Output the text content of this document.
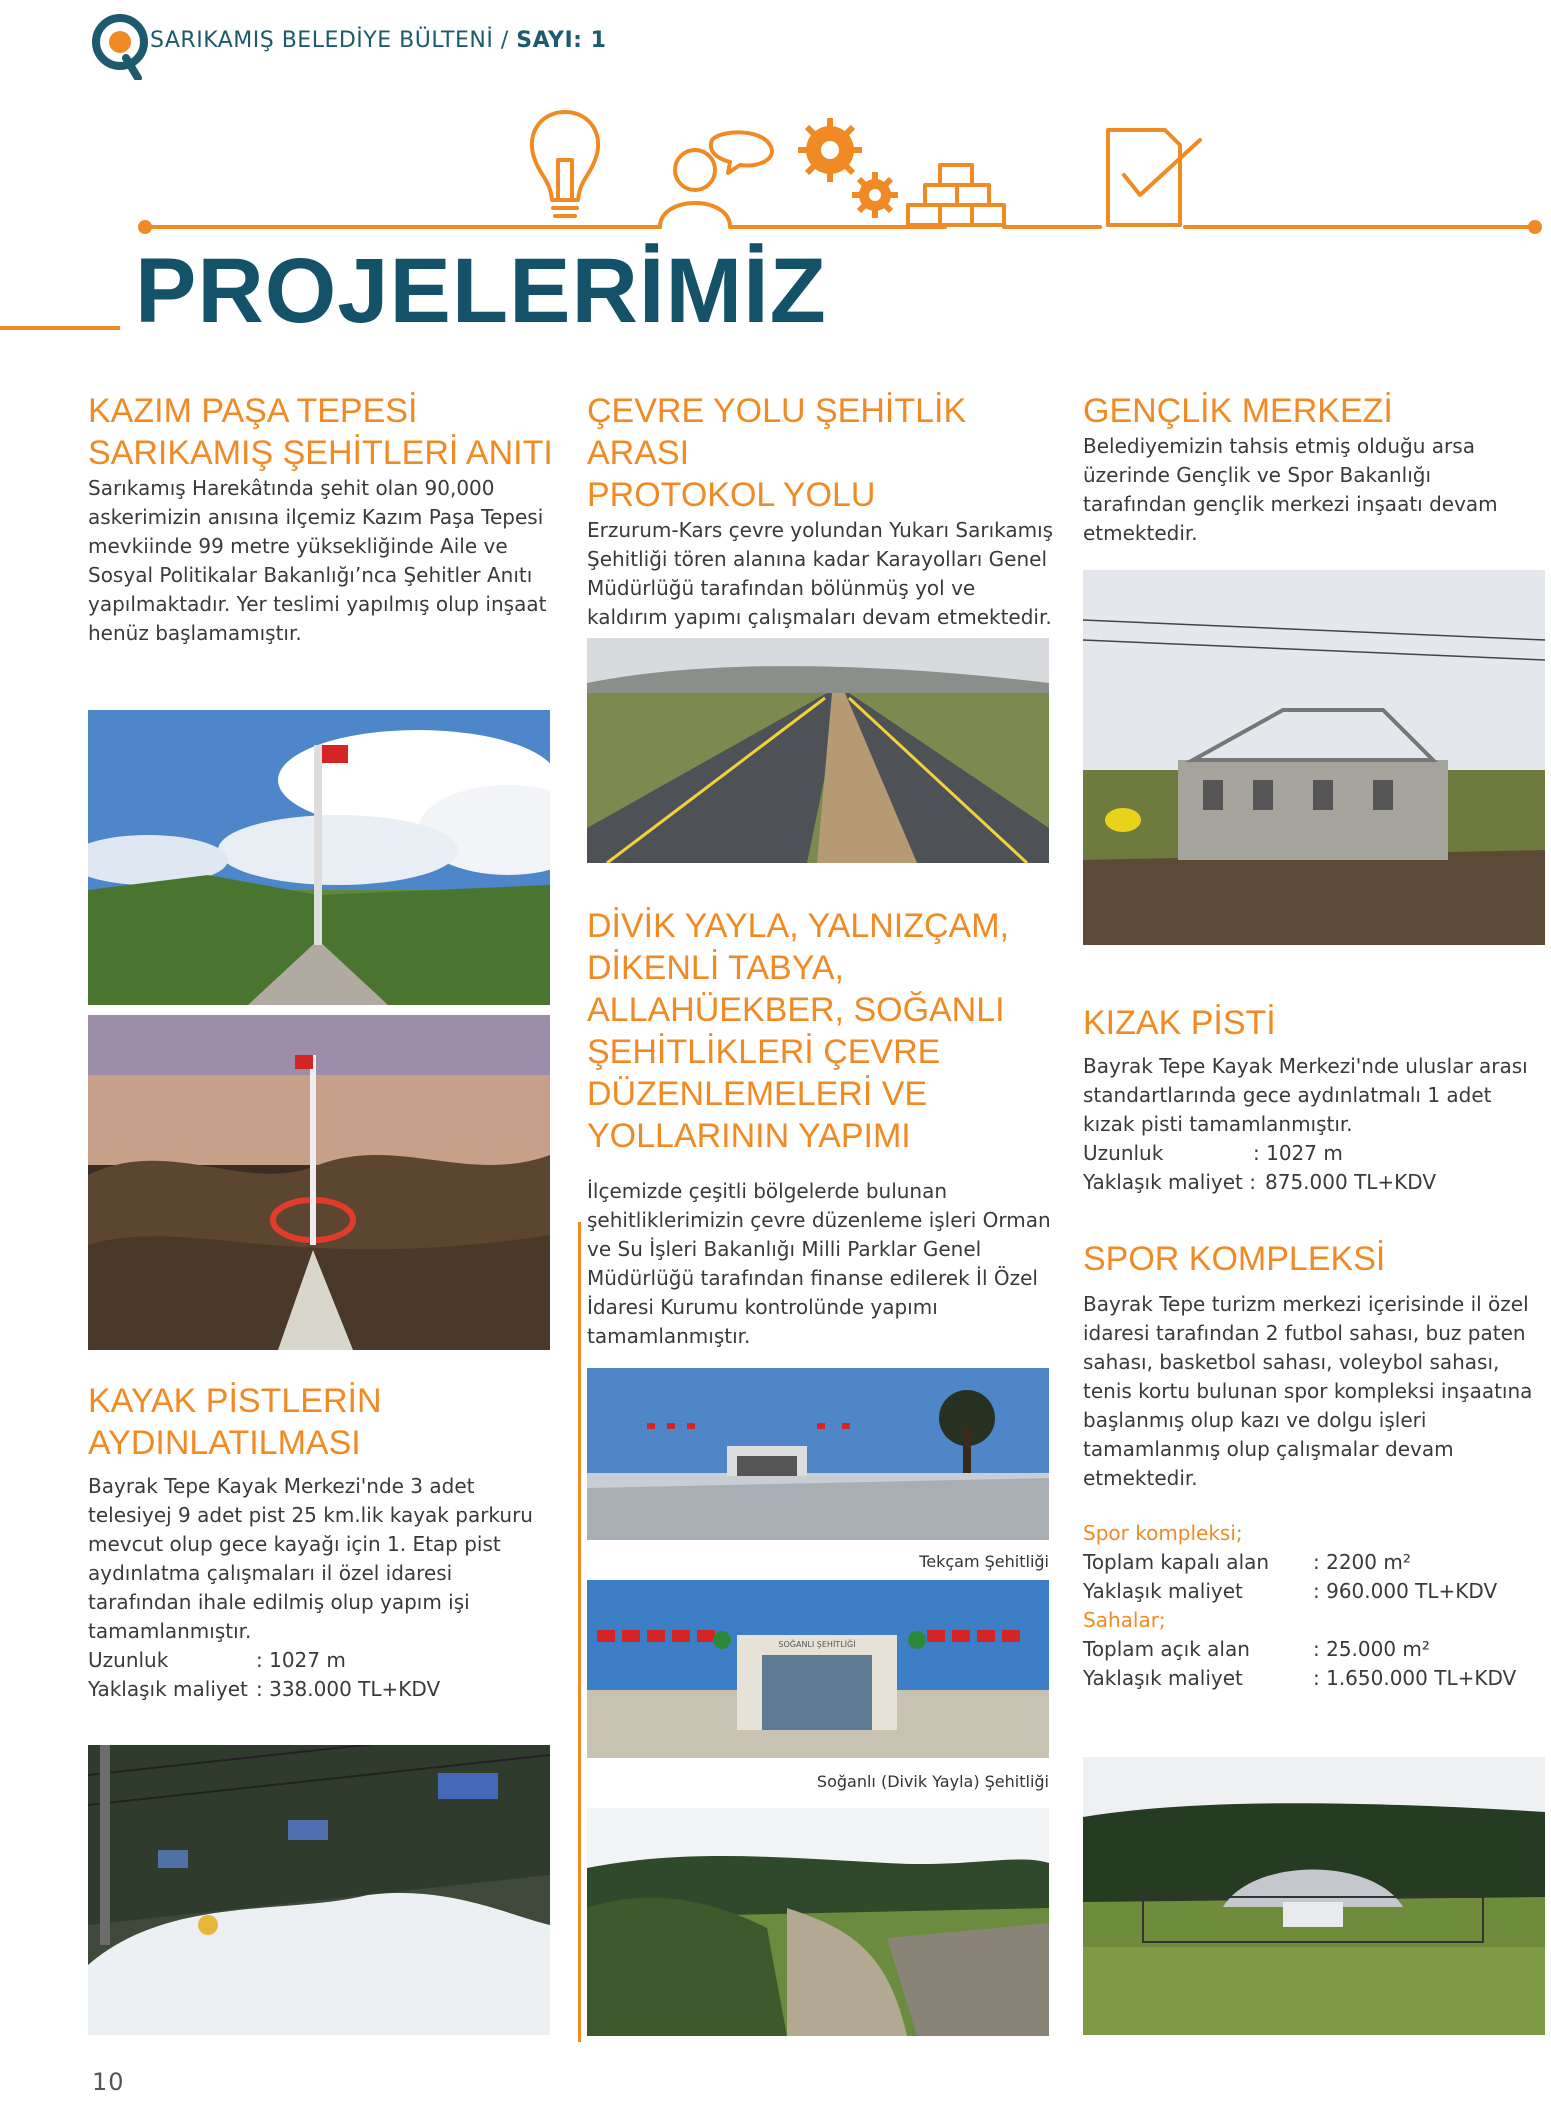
SARIKAMIŞ BELEDİYE BÜLTENİ / SAYI: 1
PROJELERİMİZ
KAZIM PAŞA TEPESİ
SARIKAMIŞ ŞEHİTLERİ ANITI

Sarıkamış Harekâtında şehit olan 90,000 askerimizin anısına ilçemiz Kazım Paşa Tepesi mevkiinde 99 metre yüksekliğinde Aile ve Sosyal Politikalar Bakanlığı’nca Şehitler Anıtı yapılmaktadır. Yer teslimi yapılmış olup inşaat henüz başlamamıştır.

KAYAK PİSTLERİN
AYDINLATILMASI

Bayrak Tepe Kayak Merkezi'nde 3 adet telesiyej 9 adet pist 25 km.lik kayak parkuru mevcut olup gece kayağı için 1. Etap pist aydınlatma çalışmaları il özel idaresi tarafından ihale edilmiş olup yapım işi tamamlanmıştır.

Uzunluk	: 1027 m
Yaklaşık maliyet : 338.000 TL+KDV
ÇEVRE YOLU ŞEHİTLİK ARASI
PROTOKOL YOLU

Erzurum-Kars çevre yolundan Yukarı Sarıkamış Şehitliği tören alanına kadar Karayolları Genel Müdürlüğü tarafından bölünmüş yol ve kaldırım yapımı çalışmaları devam etmektedir.

DİVİK YAYLA, YALNIZÇAM,
DİKENLİ TABYA,
ALLAHÜEKBER, SOĞANLI
ŞEHİTLİKLERİ ÇEVRE
DÜZENLEMELERİ VE
YOLLARININ YAPIMI

İlçemizde çeşitli bölgelerde bulunan şehitliklerimizin çevre düzenleme işleri Orman ve Su İşleri Bakanlığı Milli Parklar Genel Müdürlüğü tarafından finanse edilerek İl Özel İdaresi Kurumu kontrolünde yapımı tamamlanmıştır.

Tekçam Şehitliği
SOĞANLI ŞEHİTLİĞİ
Soğanlı (Divik Yayla) Şehitliği
GENÇLİK MERKEZİ

Belediyemizin tahsis etmiş olduğu arsa üzerinde Gençlik ve Spor Bakanlığı tarafından gençlik merkezi inşaatı devam etmektedir.

KIZAK PİSTİ

Bayrak Tepe Kayak Merkezi'nde uluslar arası standartlarında gece aydınlatmalı 1 adet kızak pisti tamamlanmıştır.

Uzunluk	: 1027 m
Yaklaşık maliyet : 875.000 TL+KDV
SPOR KOMPLEKSİ

Bayrak Tepe turizm merkezi içerisinde il özel idaresi tarafından 2 futbol sahası, buz paten sahası, basketbol sahası, voleybol sahası, tenis kortu bulunan spor kompleksi inşaatına başlanmış olup kazı ve dolgu işleri tamamlanmış olup çalışmalar devam etmektedir.

Spor kompleksi;
Toplam kapalı alan	: 2200 m²
Yaklaşık maliyet	: 960.000 TL+KDV
Sahalar;
Toplam açık alan	: 25.000 m²
Yaklaşık maliyet	: 1.650.000 TL+KDV
10
